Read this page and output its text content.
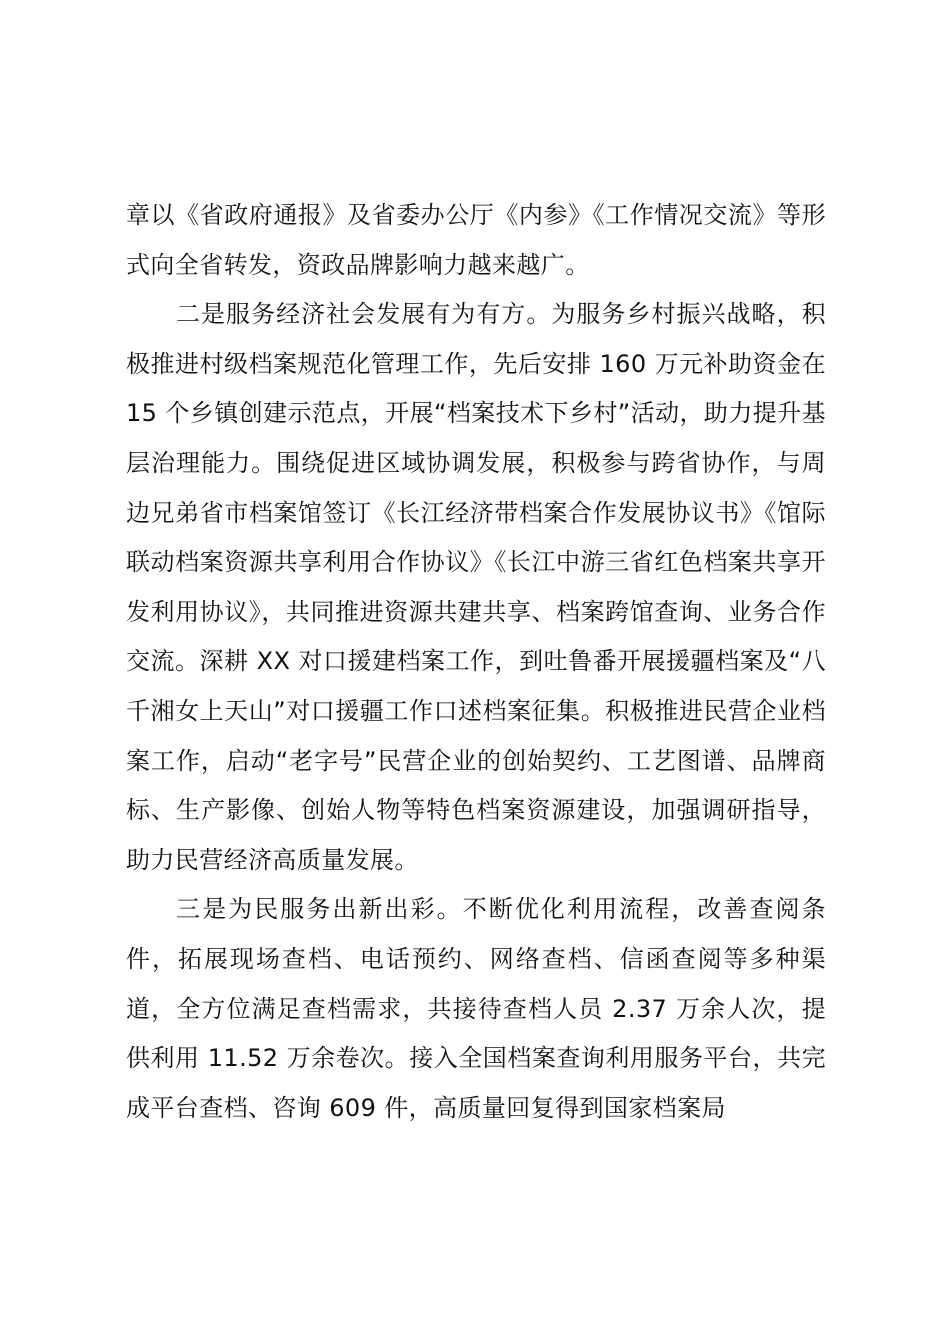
章以《省政府通报》及省委办公厅《内参》《工作情况交流》等形式向全省转发，资政品牌影响力越来越广。

二是服务经济社会发展有为有方。为服务乡村振兴战略，积极推进村级档案规范化管理工作，先后安排 160 万元补助资金在 15 个乡镇创建示范点，开展“档案技术下乡村”活动，助力提升基层治理能力。围绕促进区域协调发展，积极参与跨省协作，与周边兄弟省市档案馆签订《长江经济带档案合作发展协议书》《馆际联动档案资源共享利用合作协议》《长江中游三省红色档案共享开发利用协议》，共同推进资源共建共享、档案跨馆查询、业务合作交流。深耕 XX 对口援建档案工作，到吐鲁番开展援疆档案及“八千湘女上天山”对口援疆工作口述档案征集。积极推进民营企业档案工作，启动“老字号”民营企业的创始契约、工艺图谱、品牌商标、生产影像、创始人物等特色档案资源建设，加强调研指导，助力民营经济高质量发展。

三是为民服务出新出彩。不断优化利用流程，改善查阅条件，拓展现场查档、电话预约、网络查档、信函查阅等多种渠道，全方位满足查档需求，共接待查档人员 2.37 万余人次，提供利用 11.52 万余卷次。接入全国档案查询利用服务平台，共完成平台查档、咨询 609 件，高质量回复得到国家档案局
